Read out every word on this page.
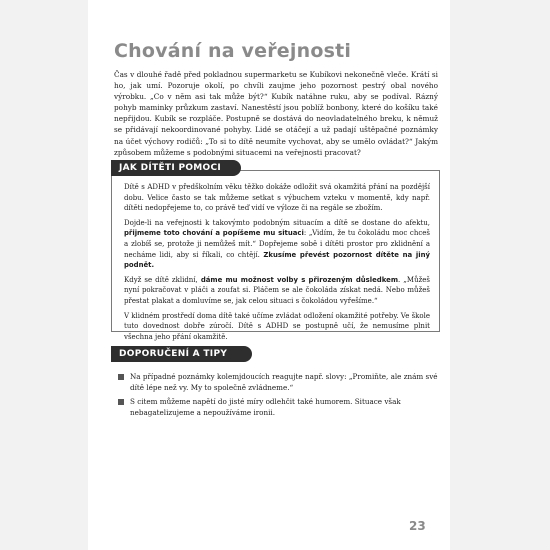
Chování na veřejnosti
Čas v dlouhé řadě před pokladnou supermarketu se Kubíkovi nekonečně vleče. Krátí si ho, jak umí. Pozoruje okolí, po chvíli zaujme jeho pozornost pestrý obal nového výrobku. „Co v něm asi tak může být?“ Kubík natáhne ruku, aby se podíval. Rázný pohyb maminky průzkum zastaví. Nanestěstí jsou poblíž bonbony, které do košíku také nepřijdou. Kubík se rozpláče. Postupně se dostává do neovladatelného breku, k němuž se přidávají nekoordinované pohyby. Lidé se otáčejí a už padají uštěpačné poznámky na účet výchovy rodičů: „To si to dítě neumíte vychovat, aby se umělo ovládat?“ Jakým způsobem můžeme s podobnými situacemi na veřejnosti pracovat?
JAK DÍTĚTI POMOCI

Dítě s ADHD v předškolním věku těžko dokáže odložit svá okamžitá přání na pozdější dobu. Velice často se tak můžeme setkat s výbuchem vzteku v momentě, kdy např. dítěti nedopřejeme to, co právě teď vidí ve výloze či na regále se zbožím.

Dojde-li na veřejnosti k takovýmto podobným situacím a dítě se dostane do afektu, přijmeme toto chování a popíšeme mu situaci: „Vidím, že tu čokoládu moc chceš a zlobíš se, protože ji nemůžeš mít.“ Dopřejeme sobě i dítěti prostor pro zklidnění a necháme lidi, aby si říkali, co chtějí. Zkusíme převést pozornost dítěte na jiný podnět.

Když se dítě zklidní, dáme mu možnost volby s přirozeným důsledkem. „Můžeš nyní pokračovat v pláči a zoufat si. Pláčem se ale čokoláda získat nedá. Nebo můžeš přestat plakat a domluvíme se, jak celou situaci s čokoládou vyřešíme.“

V klidném prostředí doma dítě také učíme zvládat odložení okamžité potřeby. Ve škole tuto dovednost dobře zúročí. Dítě s ADHD se postupně učí, že nemusíme plnit všechna jeho přání okamžitě.

DOPORUČENÍ A TIPY
Na případné poznámky kolemjdoucích reagujte např. slovy: „Promiňte, ale znám své dítě lépe než vy. My to společně zvládneme.“
S citem můžeme napětí do jisté míry odlehčit také humorem. Situace však nebagatelizujeme a nepoužíváme ironii.
23
